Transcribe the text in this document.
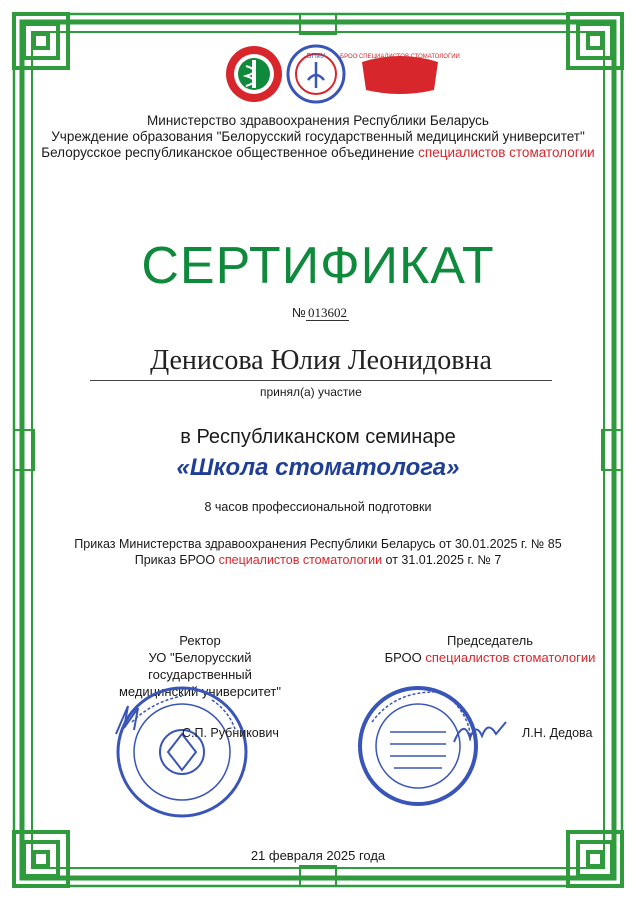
БГМУ БРОО СПЕЦИАЛИСТОВ СТОМАТОЛОГИИ
Министерство здравоохранения Республики Беларусь
Учреждение образования "Белорусский государственный медицинский университет"
Белорусское республиканское общественное объединение специалистов стоматологии
СЕРТИФИКАТ
№ 013602
Денисова Юлия Леонидовна
принял(а) участие
в Республиканском семинаре
«Школа стоматолога»
8 часов профессиональной подготовки
Приказ Министерства здравоохранения Республики Беларусь от 30.01.2025 г. № 85
Приказ БРОО специалистов стоматологии от 31.01.2025 г. № 7
Ректор
УО "Белорусский государственный
медицинский университет"
Председатель
БРОО специалистов стоматологии
С.П. Рубникович	Л.Н. Дедова
21 февраля 2025 года
